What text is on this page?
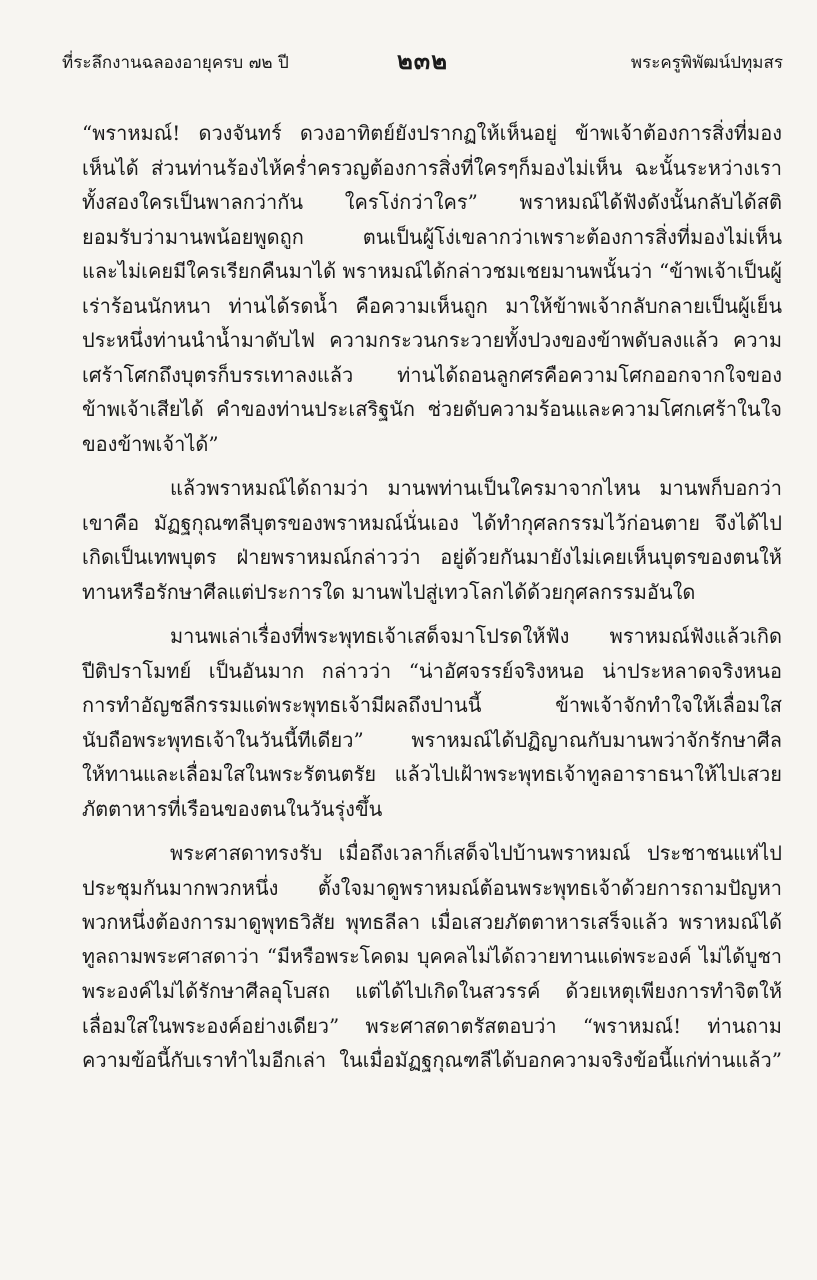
ที่ระลึกงานฉลองอายุครบ ๗๒ ปี	๒๓๒	พระครูพิพัฒน์ปทุมสร

“พราหมณ์! ดวงจันทร์ ดวงอาทิตย์ยังปรากฏให้เห็นอยู่ ข้าพเจ้าต้องการสิ่งที่มอง
เห็นได้ ส่วนท่านร้องไห้คร่ำครวญต้องการสิ่งที่ใครๆก็มองไม่เห็น ฉะนั้นระหว่างเรา
ทั้งสองใครเป็นพาลกว่ากัน ใครโง่กว่าใคร” พราหมณ์ได้ฟังดังนั้นกลับได้สติ
ยอมรับว่ามานพน้อยพูดถูก ตนเป็นผู้โง่เขลากว่าเพราะต้องการสิ่งที่มองไม่เห็น
และไม่เคยมีใครเรียกคืนมาได้ พราหมณ์ได้กล่าวชมเชยมานพนั้นว่า “ข้าพเจ้าเป็นผู้
เร่าร้อนนักหนา ท่านได้รดน้ำ คือความเห็นถูก มาให้ข้าพเจ้ากลับกลายเป็นผู้เย็น
ประหนึ่งท่านนำน้ำมาดับไฟ ความกระวนกระวายทั้งปวงของข้าพดับลงแล้ว ความ
เศร้าโศกถึงบุตรก็บรรเทาลงแล้ว ท่านได้ถอนลูกศรคือความโศกออกจากใจของ
ข้าพเจ้าเสียได้ คำของท่านประเสริฐนัก ช่วยดับความร้อนและความโศกเศร้าในใจ
ของข้าพเจ้าได้”

แล้วพราหมณ์ได้ถามว่า มานพท่านเป็นใครมาจากไหน มานพก็บอกว่า
เขาคือ มัฏฐกุณฑลีบุตรของพราหมณ์นั่นเอง ได้ทำกุศลกรรมไว้ก่อนตาย จึงได้ไป
เกิดเป็นเทพบุตร ฝ่ายพราหมณ์กล่าวว่า อยู่ด้วยกันมายังไม่เคยเห็นบุตรของตนให้
ทานหรือรักษาศีลแต่ประการใด มานพไปสู่เทวโลกได้ด้วยกุศลกรรมอันใด

มานพเล่าเรื่องที่พระพุทธเจ้าเสด็จมาโปรดให้ฟัง พราหมณ์ฟังแล้วเกิด
ปีติปราโมทย์ เป็นอันมาก กล่าวว่า “น่าอัศจรรย์จริงหนอ น่าประหลาดจริงหนอ
การทำอัญชลีกรรมแด่พระพุทธเจ้ามีผลถึงปานนี้ ข้าพเจ้าจักทำใจให้เลื่อมใส
นับถือพระพุทธเจ้าในวันนี้ทีเดียว” พราหมณ์ได้ปฏิญาณกับมานพว่าจักรักษาศีล
ให้ทานและเลื่อมใสในพระรัตนตรัย แล้วไปเฝ้าพระพุทธเจ้าทูลอาราธนาให้ไปเสวย
ภัตตาหารที่เรือนของตนในวันรุ่งขึ้น

พระศาสดาทรงรับ เมื่อถึงเวลาก็เสด็จไปบ้านพราหมณ์ ประชาชนแห่ไป
ประชุมกันมากพวกหนึ่ง ตั้งใจมาดูพราหมณ์ต้อนพระพุทธเจ้าด้วยการถามปัญหา
พวกหนึ่งต้องการมาดูพุทธวิสัย พุทธลีลา เมื่อเสวยภัตตาหารเสร็จแล้ว พราหมณ์ได้
ทูลถามพระศาสดาว่า “มีหรือพระโคดม บุคคลไม่ได้ถวายทานแด่พระองค์ ไม่ได้บูชา
พระองค์ไม่ได้รักษาศีลอุโบสถ แต่ได้ไปเกิดในสวรรค์ ด้วยเหตุเพียงการทำจิตให้
เลื่อมใสในพระองค์อย่างเดียว” พระศาสดาตรัสตอบว่า “พราหมณ์! ท่านถาม
ความข้อนี้กับเราทำไมอีกเล่า ในเมื่อมัฏฐกุณฑลีได้บอกความจริงข้อนี้แก่ท่านแล้ว”
